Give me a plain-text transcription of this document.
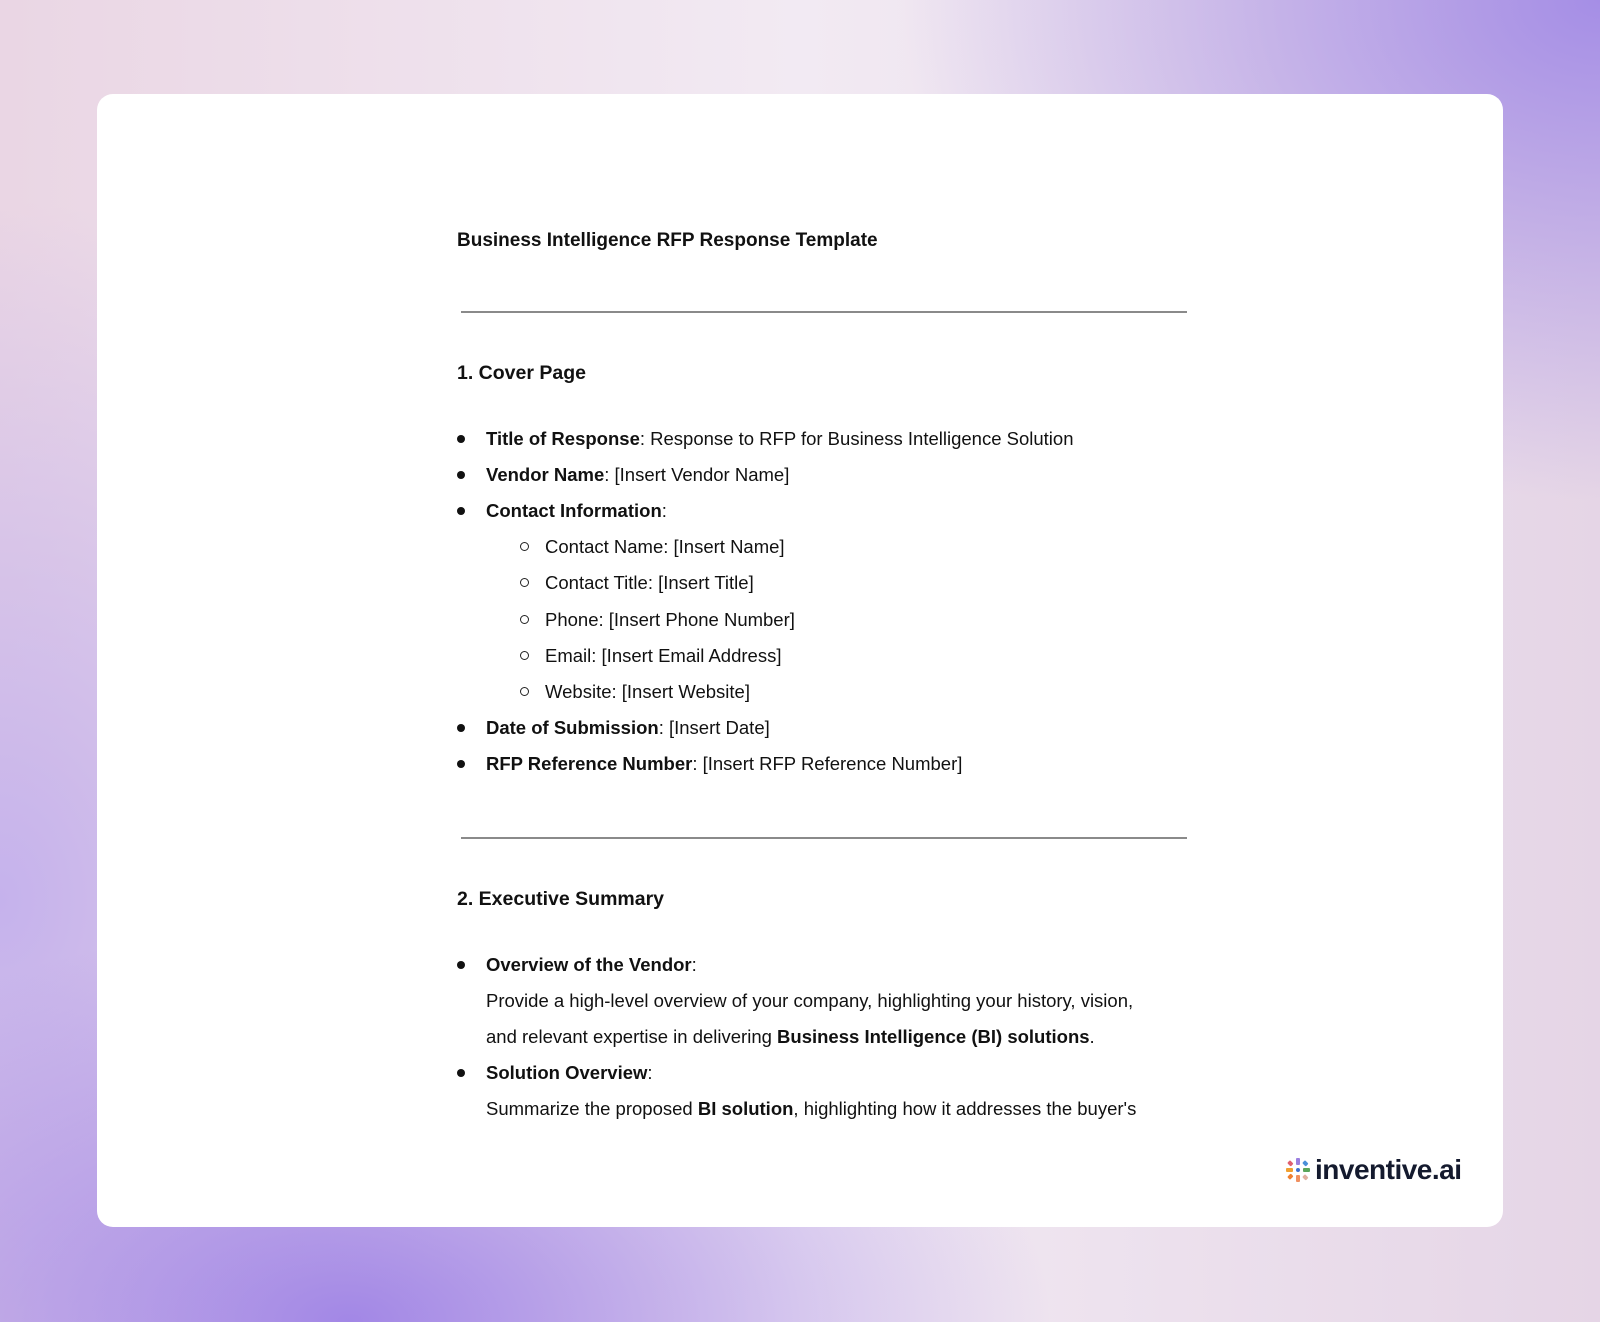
Business Intelligence RFP Response Template
1. Cover Page
Title of Response: Response to RFP for Business Intelligence Solution
Vendor Name: [Insert Vendor Name]
Contact Information:
Contact Name: [Insert Name]
Contact Title: [Insert Title]
Phone: [Insert Phone Number]
Email: [Insert Email Address]
Website: [Insert Website]
Date of Submission: [Insert Date]
RFP Reference Number: [Insert RFP Reference Number]
2. Executive Summary
Overview of the Vendor:
Provide a high-level overview of your company, highlighting your history, vision,
and relevant expertise in delivering Business Intelligence (BI) solutions.
Solution Overview:
Summarize the proposed BI solution, highlighting how it addresses the buyer's
inventive.ai
